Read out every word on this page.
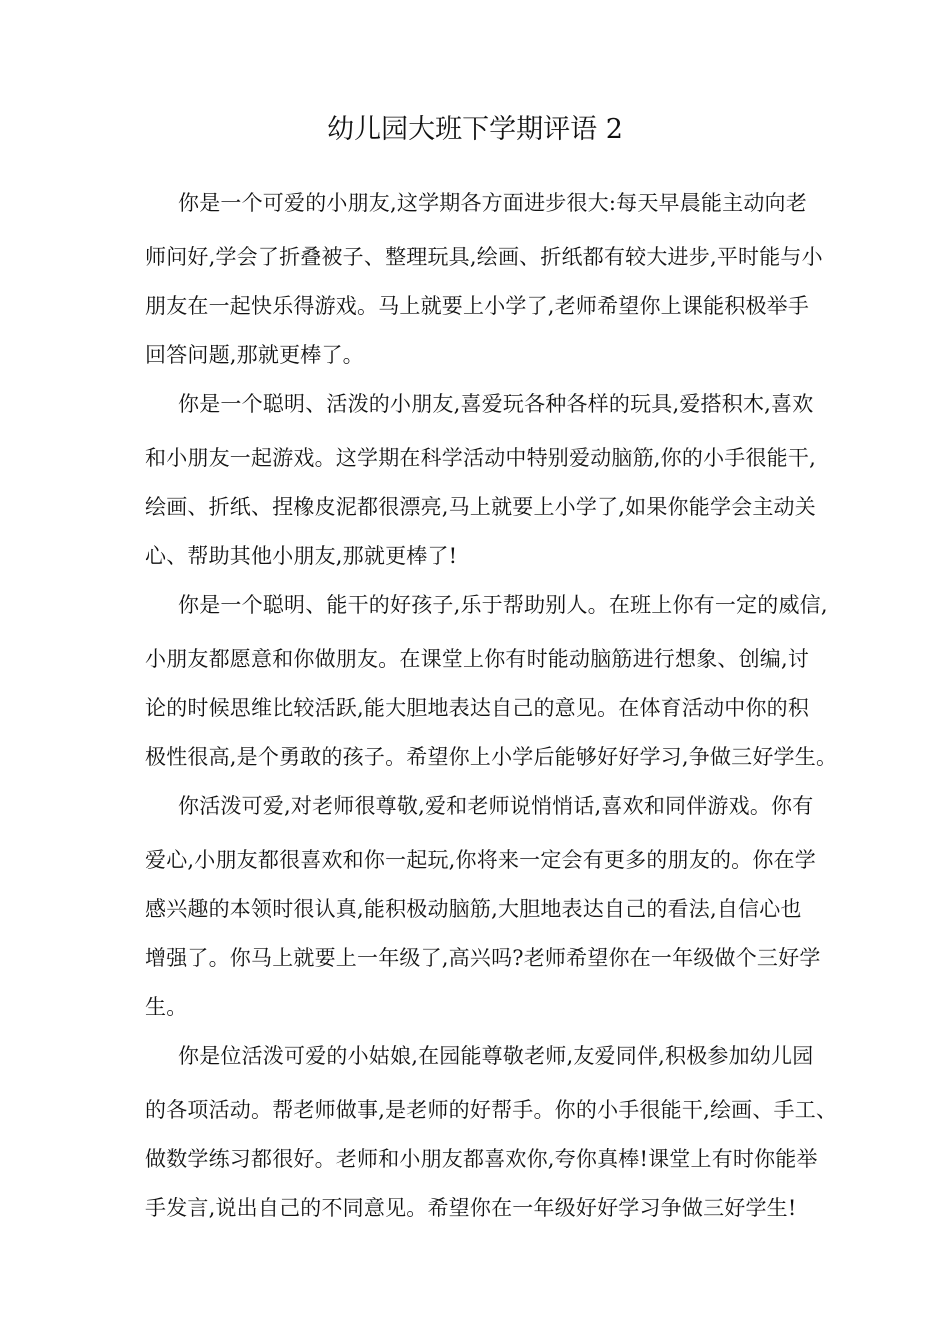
幼儿园大班下学期评语 2
你是一个可爱的小朋友,这学期各方面进步很大:每天早晨能主动向老
师问好,学会了折叠被子、整理玩具,绘画、折纸都有较大进步,平时能与小
朋友在一起快乐得游戏。马上就要上小学了,老师希望你上课能积极举手
回答问题,那就更棒了。
你是一个聪明、活泼的小朋友,喜爱玩各种各样的玩具,爱搭积木,喜欢
和小朋友一起游戏。这学期在科学活动中特别爱动脑筋,你的小手很能干,
绘画、折纸、捏橡皮泥都很漂亮,马上就要上小学了,如果你能学会主动关
心、帮助其他小朋友,那就更棒了!
你是一个聪明、能干的好孩子,乐于帮助别人。在班上你有一定的威信,
小朋友都愿意和你做朋友。在课堂上你有时能动脑筋进行想象、创编,讨
论的时候思维比较活跃,能大胆地表达自己的意见。在体育活动中你的积
极性很高,是个勇敢的孩子。希望你上小学后能够好好学习,争做三好学生。
你活泼可爱,对老师很尊敬,爱和老师说悄悄话,喜欢和同伴游戏。你有
爱心,小朋友都很喜欢和你一起玩,你将来一定会有更多的朋友的。你在学
感兴趣的本领时很认真,能积极动脑筋,大胆地表达自己的看法,自信心也
增强了。你马上就要上一年级了,高兴吗?老师希望你在一年级做个三好学
生。
你是位活泼可爱的小姑娘,在园能尊敬老师,友爱同伴,积极参加幼儿园
的各项活动。帮老师做事,是老师的好帮手。你的小手很能干,绘画、手工、
做数学练习都很好。老师和小朋友都喜欢你,夸你真棒!课堂上有时你能举
手发言,说出自己的不同意见。希望你在一年级好好学习争做三好学生!
